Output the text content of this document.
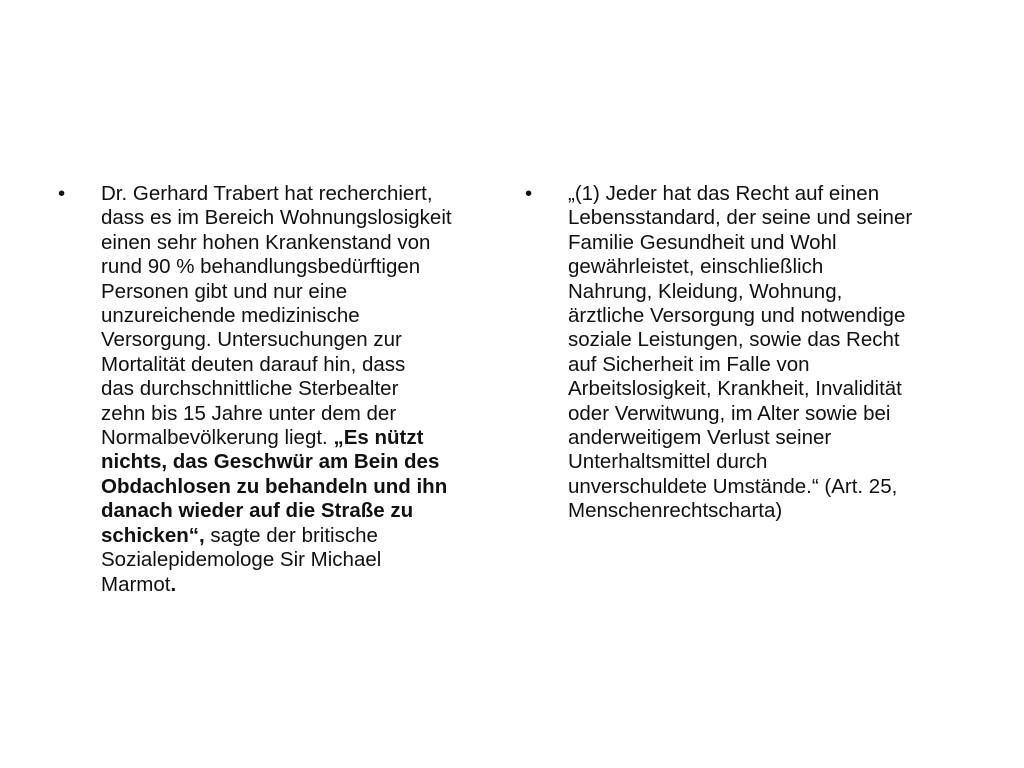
•	Dr. Gerhard Trabert hat recherchiert,
dass es im Bereich Wohnungslosigkeit
einen sehr hohen Krankenstand von
rund 90 % behandlungsbedürftigen
Personen gibt und nur eine
unzureichende medizinische
Versorgung. Untersuchungen zur
Mortalität deuten darauf hin, dass
das durchschnittliche Sterbealter
zehn bis 15 Jahre unter dem der
Normalbevölkerung liegt. „Es nützt
nichts, das Geschwür am Bein des
Obdachlosen zu behandeln und ihn
danach wieder auf die Straße zu
schicken“, sagte der britische
Sozialepidemologe Sir Michael
Marmot.
•	„(1) Jeder hat das Recht auf einen
Lebensstandard, der seine und seiner
Familie Gesundheit und Wohl
gewährleistet, einschließlich
Nahrung, Kleidung, Wohnung,
ärztliche Versorgung und notwendige
soziale Leistungen, sowie das Recht
auf Sicherheit im Falle von
Arbeitslosigkeit, Krankheit, Invalidität
oder Verwitwung, im Alter sowie bei
anderweitigem Verlust seiner
Unterhaltsmittel durch
unverschuldete Umstände.“ (Art. 25,
Menschenrechtscharta)
